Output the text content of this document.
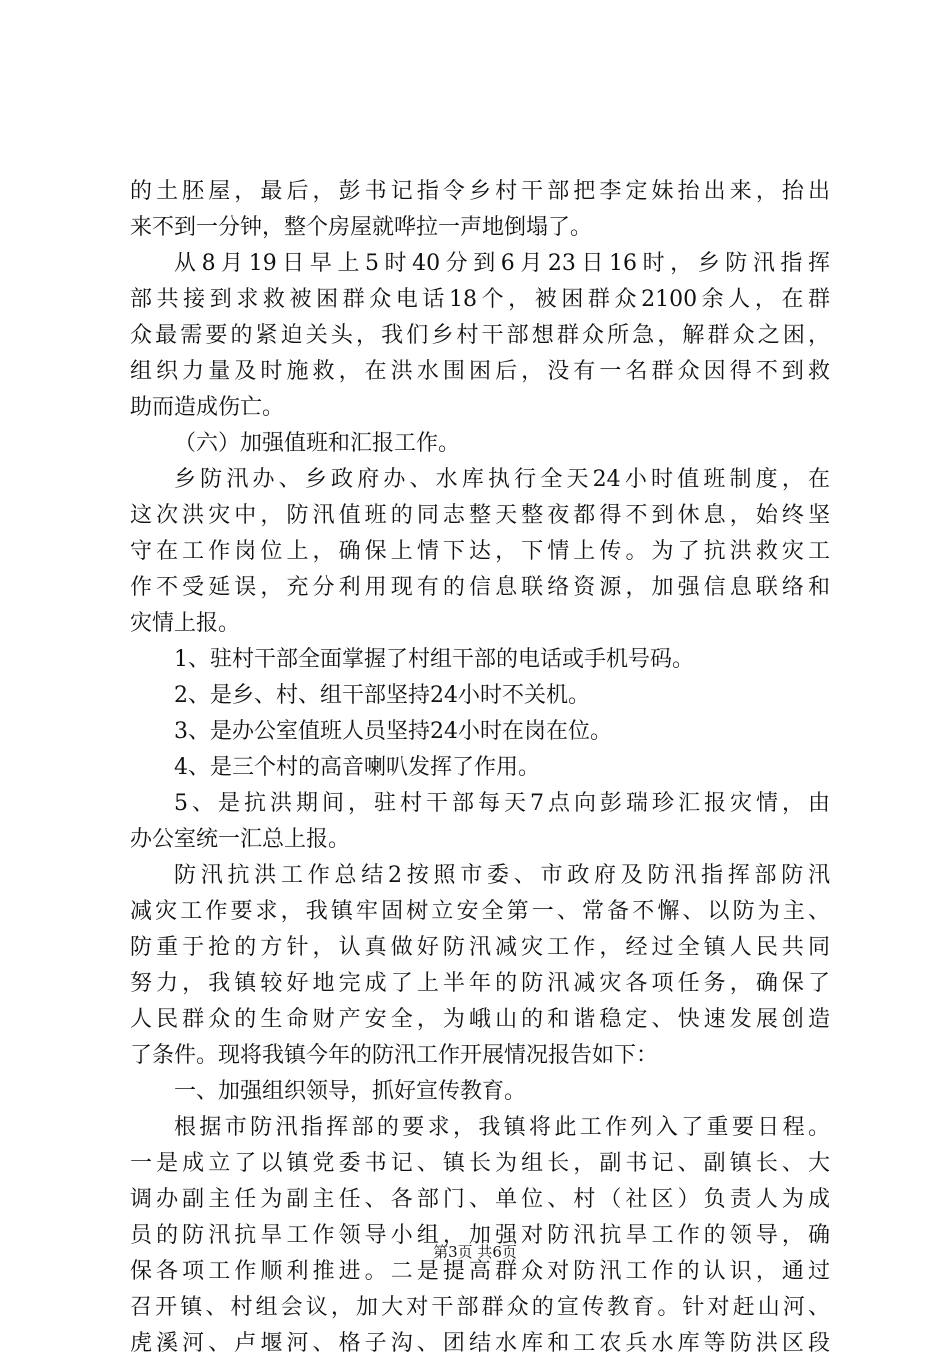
的土胚屋，最后，彭书记指令乡村干部把李定妹抬出来，抬出
来不到一分钟，整个房屋就哗拉一声地倒塌了。
从8月19日早上5时40分到6月23日16时，乡防汛指挥
部共接到求救被困群众电话18个，被困群众2100余人，在群
众最需要的紧迫关头，我们乡村干部想群众所急，解群众之困，
组织力量及时施救，在洪水围困后，没有一名群众因得不到救
助而造成伤亡。
（六）加强值班和汇报工作。
乡防汛办、乡政府办、水库执行全天24小时值班制度，在
这次洪灾中，防汛值班的同志整天整夜都得不到休息，始终坚
守在工作岗位上，确保上情下达，下情上传。为了抗洪救灾工
作不受延误，充分利用现有的信息联络资源，加强信息联络和
灾情上报。
1、驻村干部全面掌握了村组干部的电话或手机号码。
2、是乡、村、组干部坚持24小时不关机。
3、是办公室值班人员坚持24小时在岗在位。
4、是三个村的高音喇叭发挥了作用。
5、是抗洪期间，驻村干部每天7点向彭瑞珍汇报灾情，由
办公室统一汇总上报。
防汛抗洪工作总结2按照市委、市政府及防汛指挥部防汛
减灾工作要求，我镇牢固树立安全第一、常备不懈、以防为主、
防重于抢的方针，认真做好防汛减灾工作，经过全镇人民共同
努力，我镇较好地完成了上半年的防汛减灾各项任务，确保了
人民群众的生命财产安全，为峨山的和谐稳定、快速发展创造
了条件。现将我镇今年的防汛工作开展情况报告如下：
一、加强组织领导，抓好宣传教育。
根据市防汛指挥部的要求，我镇将此工作列入了重要日程。
一是成立了以镇党委书记、镇长为组长，副书记、副镇长、大
调办副主任为副主任、各部门、单位、村（社区）负责人为成
员的防汛抗旱工作领导小组，加强对防汛抗旱工作的领导，确
保各项工作顺利推进。二是提高群众对防汛工作的认识，通过
召开镇、村组会议，加大对干部群众的宣传教育。针对赶山河、
虎溪河、卢堰河、格子沟、团结水库和工农兵水库等防洪区段
第3页 共6页
